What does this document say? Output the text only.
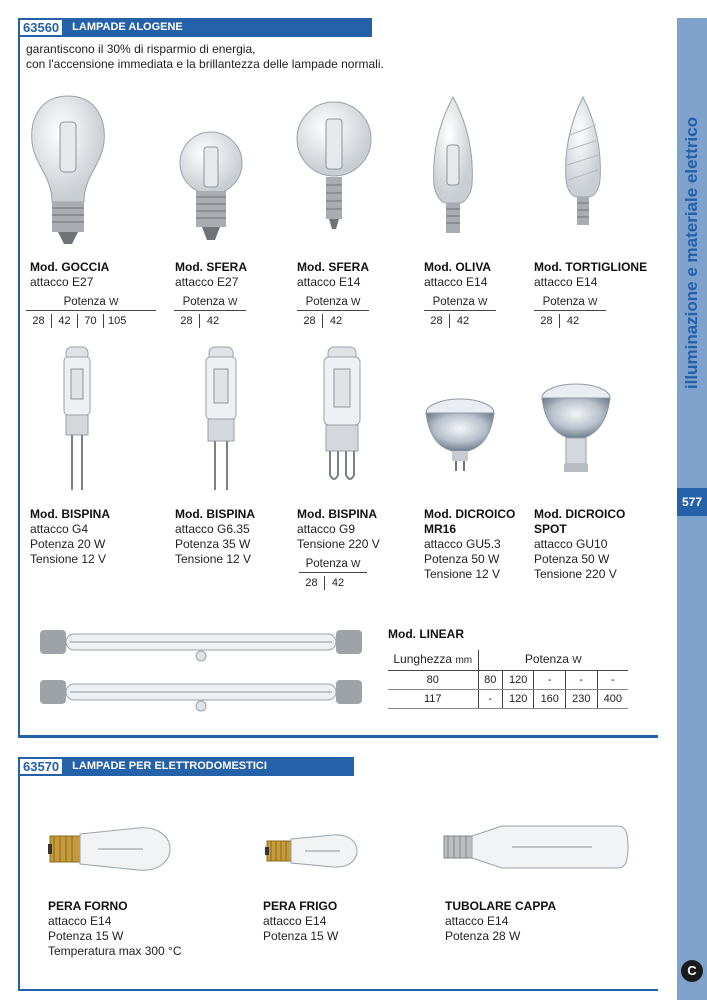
63560	LAMPADE ALOGENE
garantiscono il 30% di risparmio di energia,
con l'accensione immediata e la brillantezza delle lampade normali.
illuminazione e materiale elettrico
577
C
Mod. GOCCIA
attacco E27
Mod. SFERA
attacco E27
Mod. SFERA
attacco E14
Mod. OLIVA
attacco E14
Mod. TORTIGLIONE
attacco E14
Potenza W
28	42	70	105
Potenza W
28	42
Potenza W
28	42
Potenza W
28	42
Potenza W
28	42
Mod. BISPINA
attacco G4
Potenza 20 W
Tensione 12 V
Mod. BISPINA
attacco G6.35
Potenza 35 W
Tensione 12 V
Mod. BISPINA
attacco G9
Tensione 220 V
Potenza W
28	42
Mod. DICROICO
MR16
attacco GU5.3
Potenza 50 W
Tensione 12 V
Mod. DICROICO
SPOT
attacco GU10
Potenza 50 W
Tensione 220 V
Mod. LINEAR
Lunghezza mm	Potenza W				
80	80	120	-	-	-
117	-	120	160	230	400
63570	LAMPADE PER ELETTRODOMESTICI
PERA FORNO
attacco E14
Potenza 15 W
Temperatura max 300 °C
PERA FRIGO
attacco E14
Potenza 15 W
TUBOLARE CAPPA
attacco E14
Potenza 28 W
